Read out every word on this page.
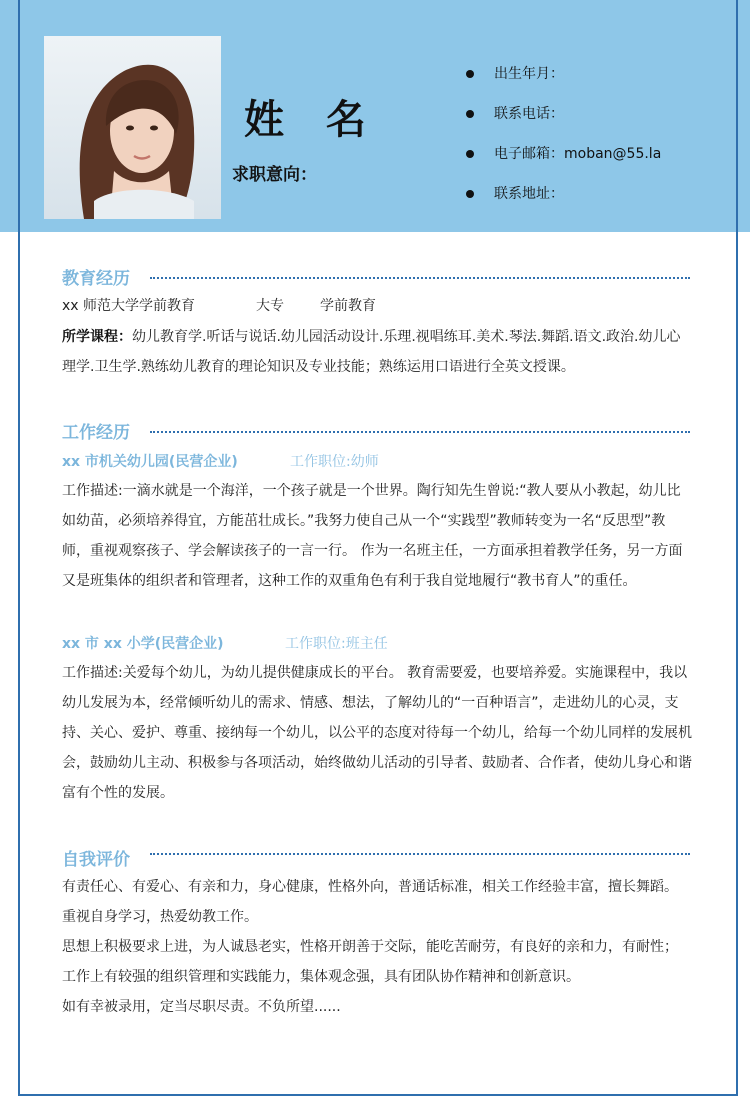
姓 名
求职意向：
出生年月：
联系电话：
电子邮箱：moban@55.la
联系地址：
教育经历
xx 师范大学学前教育	大专	学前教育
所学课程：幼儿教育学.听话与说话.幼儿园活动设计.乐理.视唱练耳.美术.琴法.舞蹈.语文.政治.幼儿心理学.卫生学.熟练幼儿教育的理论知识及专业技能；熟练运用口语进行全英文授课。
工作经历
xx 市机关幼儿园(民营企业)	工作职位:幼师
工作描述:一滴水就是一个海洋，一个孩子就是一个世界。陶行知先生曾说:“教人要从小教起，幼儿比如幼苗，必须培养得宜，方能茁壮成长。”我努力使自己从一个“实践型”教师转变为一名“反思型”教师，重视观察孩子、学会解读孩子的一言一行。 作为一名班主任，一方面承担着教学任务，另一方面又是班集体的组织者和管理者，这种工作的双重角色有利于我自觉地履行“教书育人”的重任。
xx 市 xx 小学(民营企业)	工作职位:班主任
工作描述:关爱每个幼儿，为幼儿提供健康成长的平台。 教育需要爱，也要培养爱。实施课程中，我以幼儿发展为本，经常倾听幼儿的需求、情感、想法，了解幼儿的“一百种语言”，走进幼儿的心灵，支持、关心、爱护、尊重、接纳每一个幼儿，以公平的态度对待每一个幼儿，给每一个幼儿同样的发展机会，鼓励幼儿主动、积极参与各项活动，始终做幼儿活动的引导者、鼓励者、合作者，使幼儿身心和谐富有个性的发展。
自我评价
有责任心、有爱心、有亲和力，身心健康，性格外向，普通话标准，相关工作经验丰富，擅长舞蹈。
重视自身学习，热爱幼教工作。
思想上积极要求上进，为人诚恳老实，性格开朗善于交际，能吃苦耐劳，有良好的亲和力，有耐性；
工作上有较强的组织管理和实践能力，集体观念强，具有团队协作精神和创新意识。
如有幸被录用，定当尽职尽责。不负所望......
